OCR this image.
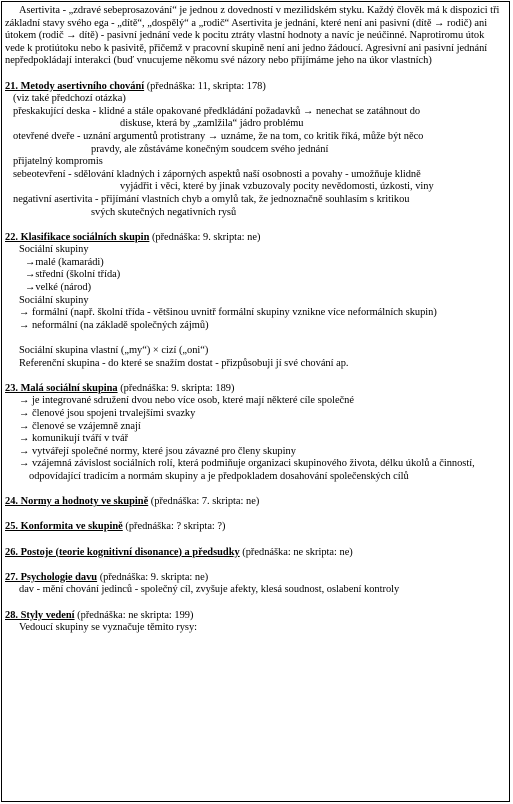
Asertivita - „zdravé sebeprosazování“ je jednou z dovedností v mezilidském styku. Každý člověk má k dispozici tři základní stavy svého ega - „dítě“, „dospělý“ a „rodič“ Asertivita je jednání, které není ani pasivní (dítě → rodič) ani útokem (rodič → dítě) - pasivní jednání vede k pocitu ztráty vlastní hodnoty a navíc je neúčinné. Naprotiromu útok vede k protiútoku nebo k pasivitě, přičemž v pracovní skupině není ani jedno žádoucí. Agresivní ani pasivní jednání nepředpokládají interakci (buď vnucujeme někomu své názory nebo přijímáme jeho na úkor vlastních)

21. Metody asertivního chování (přednáška: 11, skripta: 178)

(viz také předchozí otázka)

přeskakující deska - klidné a stále opakované předkládání požadavků → nenechat se zatáhnout do

diskuse, která by „zamlžila“ jádro problému

otevřené dveře - uznání argumentů protistrany → uznáme, že na tom, co kritik říká, může být něco

pravdy, ale zůstáváme konečným soudcem svého jednání

přijatelný kompromis

sebeotevření - sdělování kladných i záporných aspektů naší osobnosti a povahy - umožňuje klidně

vyjádřit i věci, které by jinak vzbuzovaly pocity nevědomosti, úzkosti, viny

negativní asertivita - přijímání vlastních chyb a omylů tak, že jednoznačně souhlasím s kritikou

svých skutečných negativních rysů

22. Klasifikace sociálních skupin (přednáška: 9. skripta: ne)

Sociální skupiny

→malé (kamarádi)

→střední (školní třída)

→velké (národ)

Sociální skupiny

→ formální (např. školní třída - většinou uvnitř formální skupiny vznikne více neformálních skupin)

→ neformální (na základě společných zájmů)

Sociální skupina vlastní („my“) × cizí („oni“)

Referenční skupina - do které se snažím dostat - přizpůsobuji jí své chování ap.

23. Malá sociální skupina (přednáška: 9. skripta: 189)

→ je integrované sdružení dvou nebo více osob, které mají některé cíle společné

→ členové jsou spojeni trvalejšími svazky

→ členové se vzájemně znají

→ komunikují tváří v tvář

→ vytvářejí společné normy, které jsou závazné pro členy skupiny

→ vzájemná závislost sociálních rolí, která podmiňuje organizaci skupinového života, délku úkolů a činností, odpovídající tradicím a normám skupiny a je předpokladem dosahování společenských cílů

24. Normy a hodnoty ve skupině (přednáška: 7. skripta: ne)

25. Konformita ve skupině (přednáška: ? skripta: ?)

26. Postoje (teorie kognitivní disonance) a předsudky (přednáška: ne skripta: ne)

27. Psychologie davu (přednáška: 9. skripta: ne)

dav - mění chování jedinců - společný cíl, zvyšuje afekty, klesá soudnost, oslabení kontroly

28. Styly vedení (přednáška: ne skripta: 199)

Vedoucí skupiny se vyznačuje těmito rysy:
